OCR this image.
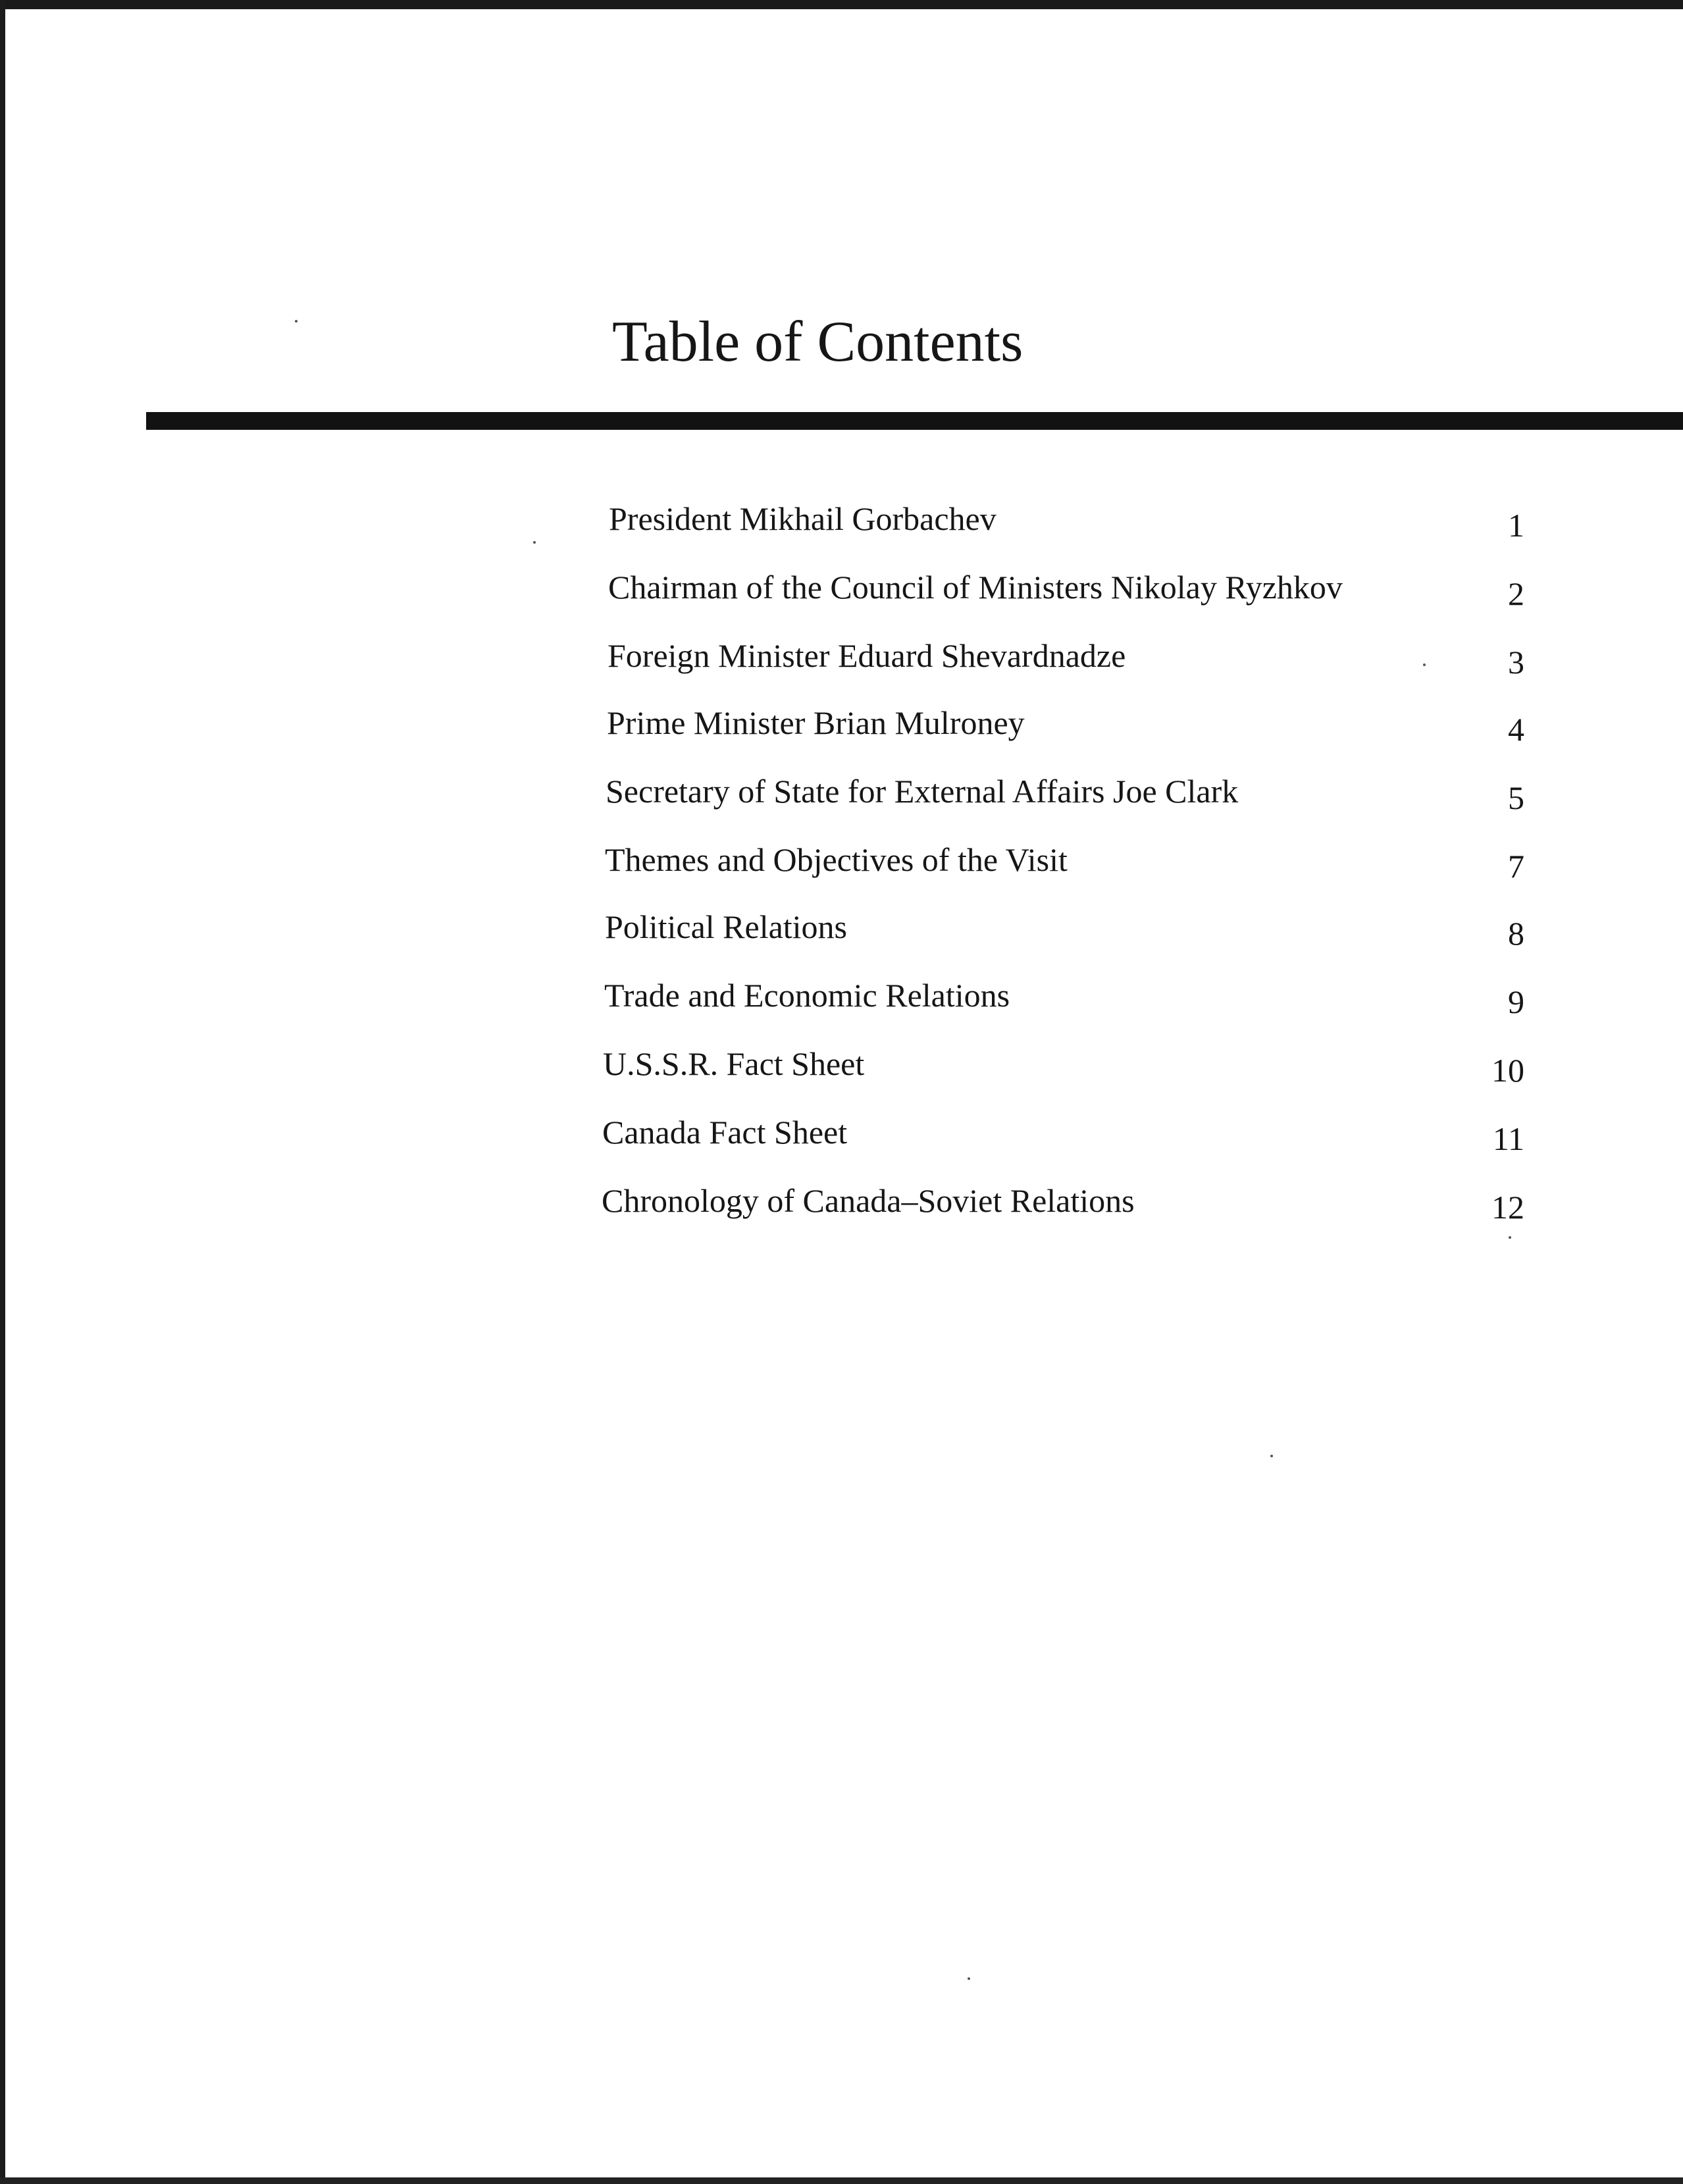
Table of Contents
President Mikhail Gorbachev	1
Chairman of the Council of Ministers Nikolay Ryzhkov	2
Foreign Minister Eduard Shevardnadze	3
Prime Minister Brian Mulroney	4
Secretary of State for External Affairs Joe Clark	5
Themes and Objectives of the Visit	7
Political Relations	8
Trade and Economic Relations	9
U.S.S.R. Fact Sheet	10
Canada Fact Sheet	11
Chronology of Canada–Soviet Relations	12
